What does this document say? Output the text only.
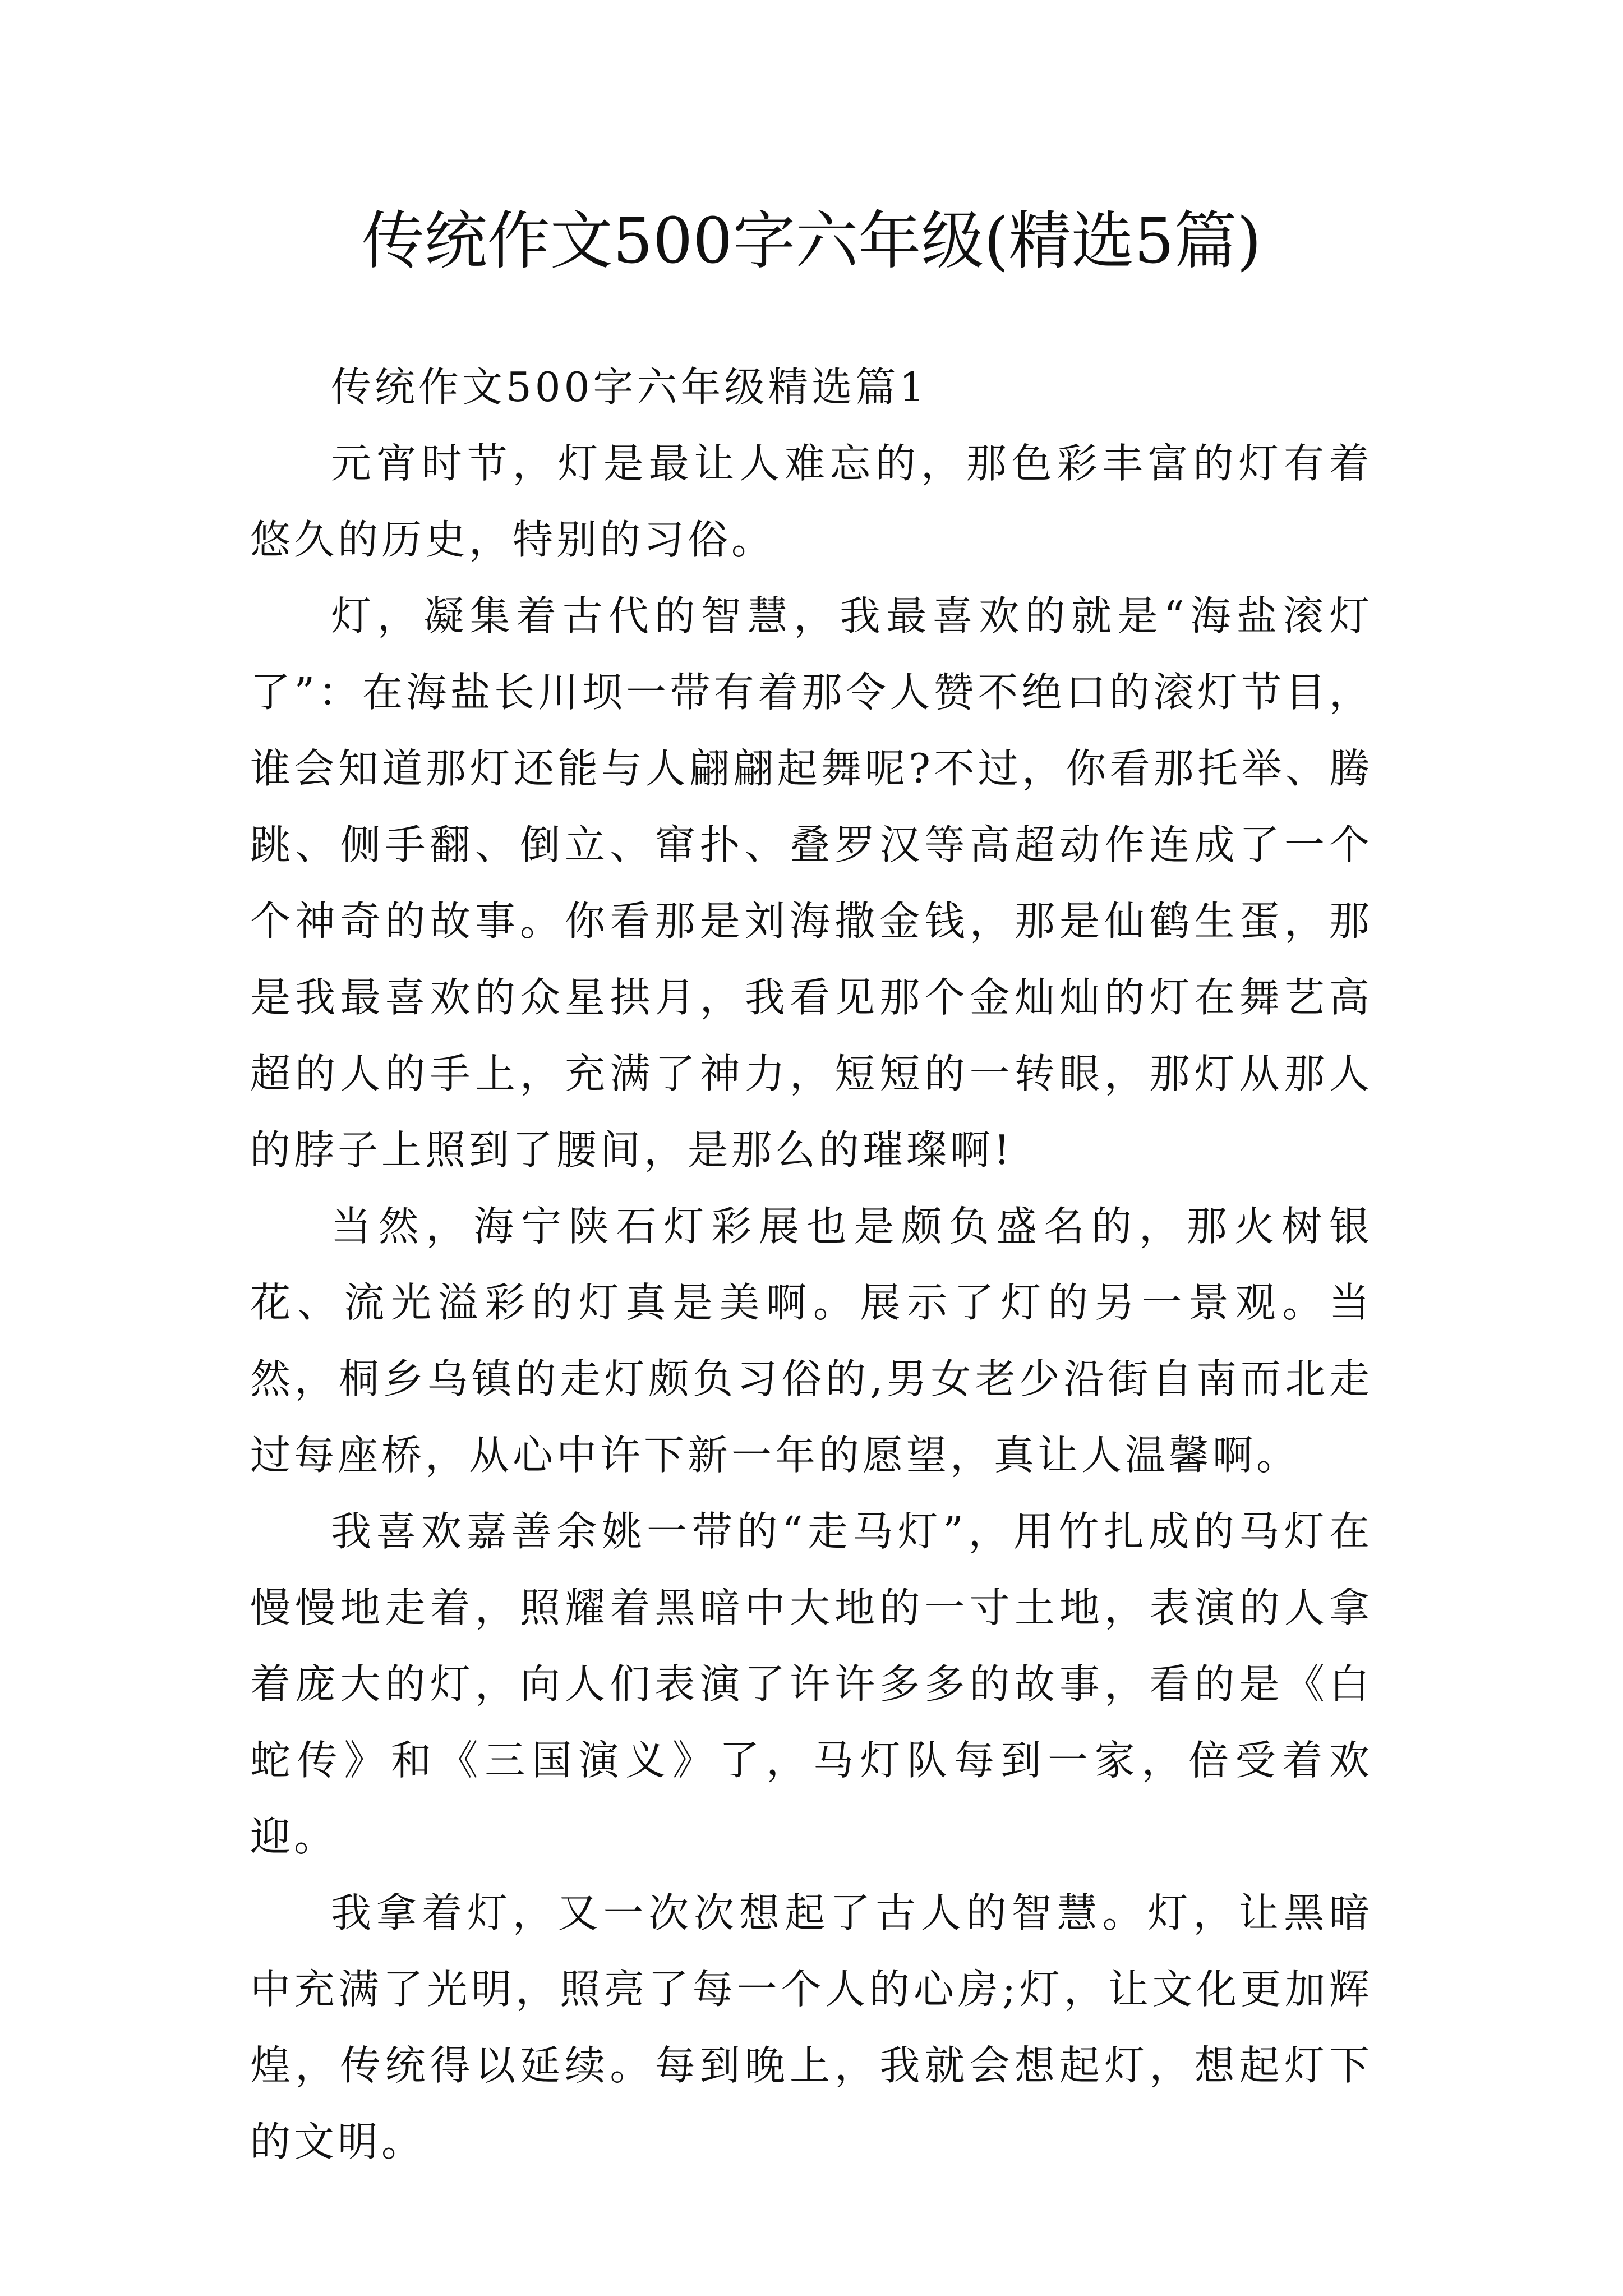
传统作文500字六年级(精选5篇)

传统作文500字六年级精选篇1

元宵时节，灯是最让人难忘的，那色彩丰富的灯有着悠久的历史，特别的习俗。

灯，凝集着古代的智慧，我最喜欢的就是“海盐滚灯了”：在海盐长川坝一带有着那令人赞不绝口的滚灯节目，谁会知道那灯还能与人翩翩起舞呢?不过，你看那托举、腾跳、侧手翻、倒立、窜扑、叠罗汉等高超动作连成了一个个神奇的故事。你看那是刘海撒金钱，那是仙鹤生蛋，那是我最喜欢的众星拱月，我看见那个金灿灿的灯在舞艺高超的人的手上，充满了神力，短短的一转眼，那灯从那人的脖子上照到了腰间，是那么的璀璨啊!

当然，海宁陕石灯彩展也是颇负盛名的，那火树银花、流光溢彩的灯真是美啊。展示了灯的另一景观。当然，桐乡乌镇的走灯颇负习俗的,男女老少沿街自南而北走过每座桥，从心中许下新一年的愿望，真让人温馨啊。

我喜欢嘉善余姚一带的“走马灯”，用竹扎成的马灯在慢慢地走着，照耀着黑暗中大地的一寸土地，表演的人拿着庞大的灯，向人们表演了许许多多的故事，看的是《白蛇传》和《三国演义》了，马灯队每到一家，倍受着欢迎。

我拿着灯，又一次次想起了古人的智慧。灯，让黑暗中充满了光明，照亮了每一个人的心房;灯，让文化更加辉煌，传统得以延续。每到晚上，我就会想起灯，想起灯下的文明。
